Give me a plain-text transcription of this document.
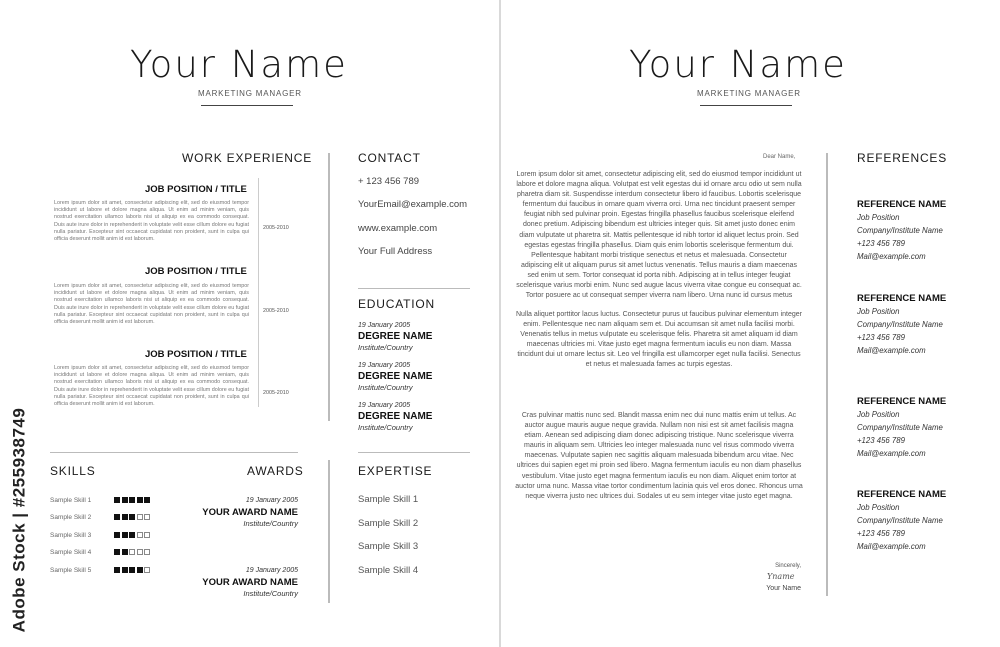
Your Name
MARKETING MANAGER
WORK EXPERIENCE
JOB POSITION / TITLE
Lorem ipsum dolor sit amet, consectetur adipiscing elit, sed do eiusmod tempor incididunt ut labore et dolore magna aliqua. Ut enim ad minim veniam, quis nostrud exercitation ullamco laboris nisi ut aliquip ex ea commodo consequat. Duis aute irure dolor in reprehenderit in voluptate velit esse cillum dolore eu fugiat nulla pariatur. Excepteur sint occaecat cupidatat non proident, sunt in culpa qui officia deserunt mollit anim id est laborum.
2005-2010
JOB POSITION / TITLE
Lorem ipsum dolor sit amet, consectetur adipiscing elit, sed do eiusmod tempor incididunt ut labore et dolore magna aliqua. Ut enim ad minim veniam, quis nostrud exercitation ullamco laboris nisi ut aliquip ex ea commodo consequat. Duis aute irure dolor in reprehenderit in voluptate velit esse cillum dolore eu fugiat nulla pariatur. Excepteur sint occaecat cupidatat non proident, sunt in culpa qui officia deserunt mollit anim id est laborum.
2005-2010
JOB POSITION / TITLE
Lorem ipsum dolor sit amet, consectetur adipiscing elit, sed do eiusmod tempor incididunt ut labore et dolore magna aliqua. Ut enim ad minim veniam, quis nostrud exercitation ullamco laboris nisi ut aliquip ex ea commodo consequat. Duis aute irure dolor in reprehenderit in voluptate velit esse cillum dolore eu fugiat nulla pariatur. Excepteur sint occaecat cupidatat non proident, sunt in culpa qui officia deserunt mollit anim id est laborum.
2005-2010
CONTACT
+ 123 456 789
YourEmail@example.com
www.example.com
Your Full Address
EDUCATION
19 January 2005
DEGREE NAME
Institute/Country
19 January 2005
DEGREE NAME
Institute/Country
19 January 2005
DEGREE NAME
Institute/Country
SKILLS	AWARDS
Sample Skill 1
Sample Skill 2
Sample Skill 3
Sample Skill 4
Sample Skill 5
19 January 2005
YOUR AWARD NAME
Institute/Country
19 January 2005
YOUR AWARD NAME
Institute/Country
EXPERTISE
Sample Skill 1
Sample Skill 2
Sample Skill 3
Sample Skill 4
Your Name
MARKETING MANAGER
Dear Name,
Lorem ipsum dolor sit amet, consectetur adipiscing elit, sed do eiusmod tempor incididunt ut labore et dolore magna aliqua. Volutpat est velit egestas dui id ornare arcu odio ut sem nulla pharetra diam sit. Suspendisse interdum consectetur libero id faucibus. Lobortis scelerisque fermentum dui faucibus in ornare quam viverra orci. Urna nec tincidunt praesent semper feugiat nibh sed pulvinar proin. Egestas fringilla phasellus faucibus scelerisque eleifend donec pretium. Adipiscing bibendum est ultricies integer quis. Sit amet justo donec enim diam vulputate ut pharetra sit. Mattis pellentesque id nibh tortor id aliquet lectus proin. Sed egestas egestas fringilla phasellus. Diam quis enim lobortis scelerisque fermentum dui. Pellentesque habitant morbi tristique senectus et netus et malesuada. Consectetur adipiscing elit ut aliquam purus sit amet luctus venenatis. Tellus mauris a diam maecenas sed enim ut sem. Tortor consequat id porta nibh. Adipiscing at in tellus integer feugiat scelerisque varius morbi enim. Nunc sed augue lacus viverra vitae congue eu consequat ac. Tortor posuere ac ut consequat semper viverra nam libero. Urna nunc id cursus metus
Nulla aliquet porttitor lacus luctus. Consectetur purus ut faucibus pulvinar elementum integer enim. Pellentesque nec nam aliquam sem et. Dui accumsan sit amet nulla facilisi morbi. Venenatis tellus in metus vulputate eu scelerisque felis. Pharetra sit amet aliquam id diam maecenas ultricies mi. Vitae justo eget magna fermentum iaculis eu non diam. Massa tincidunt dui ut ornare lectus sit. Leo vel fringilla est ullamcorper eget nulla facilisi. Senectus et netus et malesuada fames ac turpis egestas.
Cras pulvinar mattis nunc sed. Blandit massa enim nec dui nunc mattis enim ut tellus. Ac auctor augue mauris augue neque gravida. Nullam non nisi est sit amet facilisis magna etiam. Aenean sed adipiscing diam donec adipiscing tristique. Nunc scelerisque viverra mauris in aliquam sem. Ultricies leo integer malesuada nunc vel risus commodo viverra maecenas. Vulputate sapien nec sagittis aliquam malesuada bibendum arcu vitae. Nec ultrices dui sapien eget mi proin sed libero. Magna fermentum iaculis eu non diam phasellus vestibulum. Vitae justo eget magna fermentum iaculis eu non diam. Aliquet enim tortor at auctor urna nunc. Massa vitae tortor condimentum lacinia quis vel eros donec. Rhoncus urna neque viverra justo nec ultrices dui. Sodales ut eu sem integer vitae justo eget magna.
Sincerely,
Yname
Your Name
REFERENCES
REFERENCE NAME
Job Position
Company/Institute Name
+123 456 789
Mail@example.com
REFERENCE NAME
Job Position
Company/Institute Name
+123 456 789
Mail@example.com
REFERENCE NAME
Job Position
Company/Institute Name
+123 456 789
Mail@example.com
REFERENCE NAME
Job Position
Company/Institute Name
+123 456 789
Mail@example.com
Adobe Stock | #255938749
